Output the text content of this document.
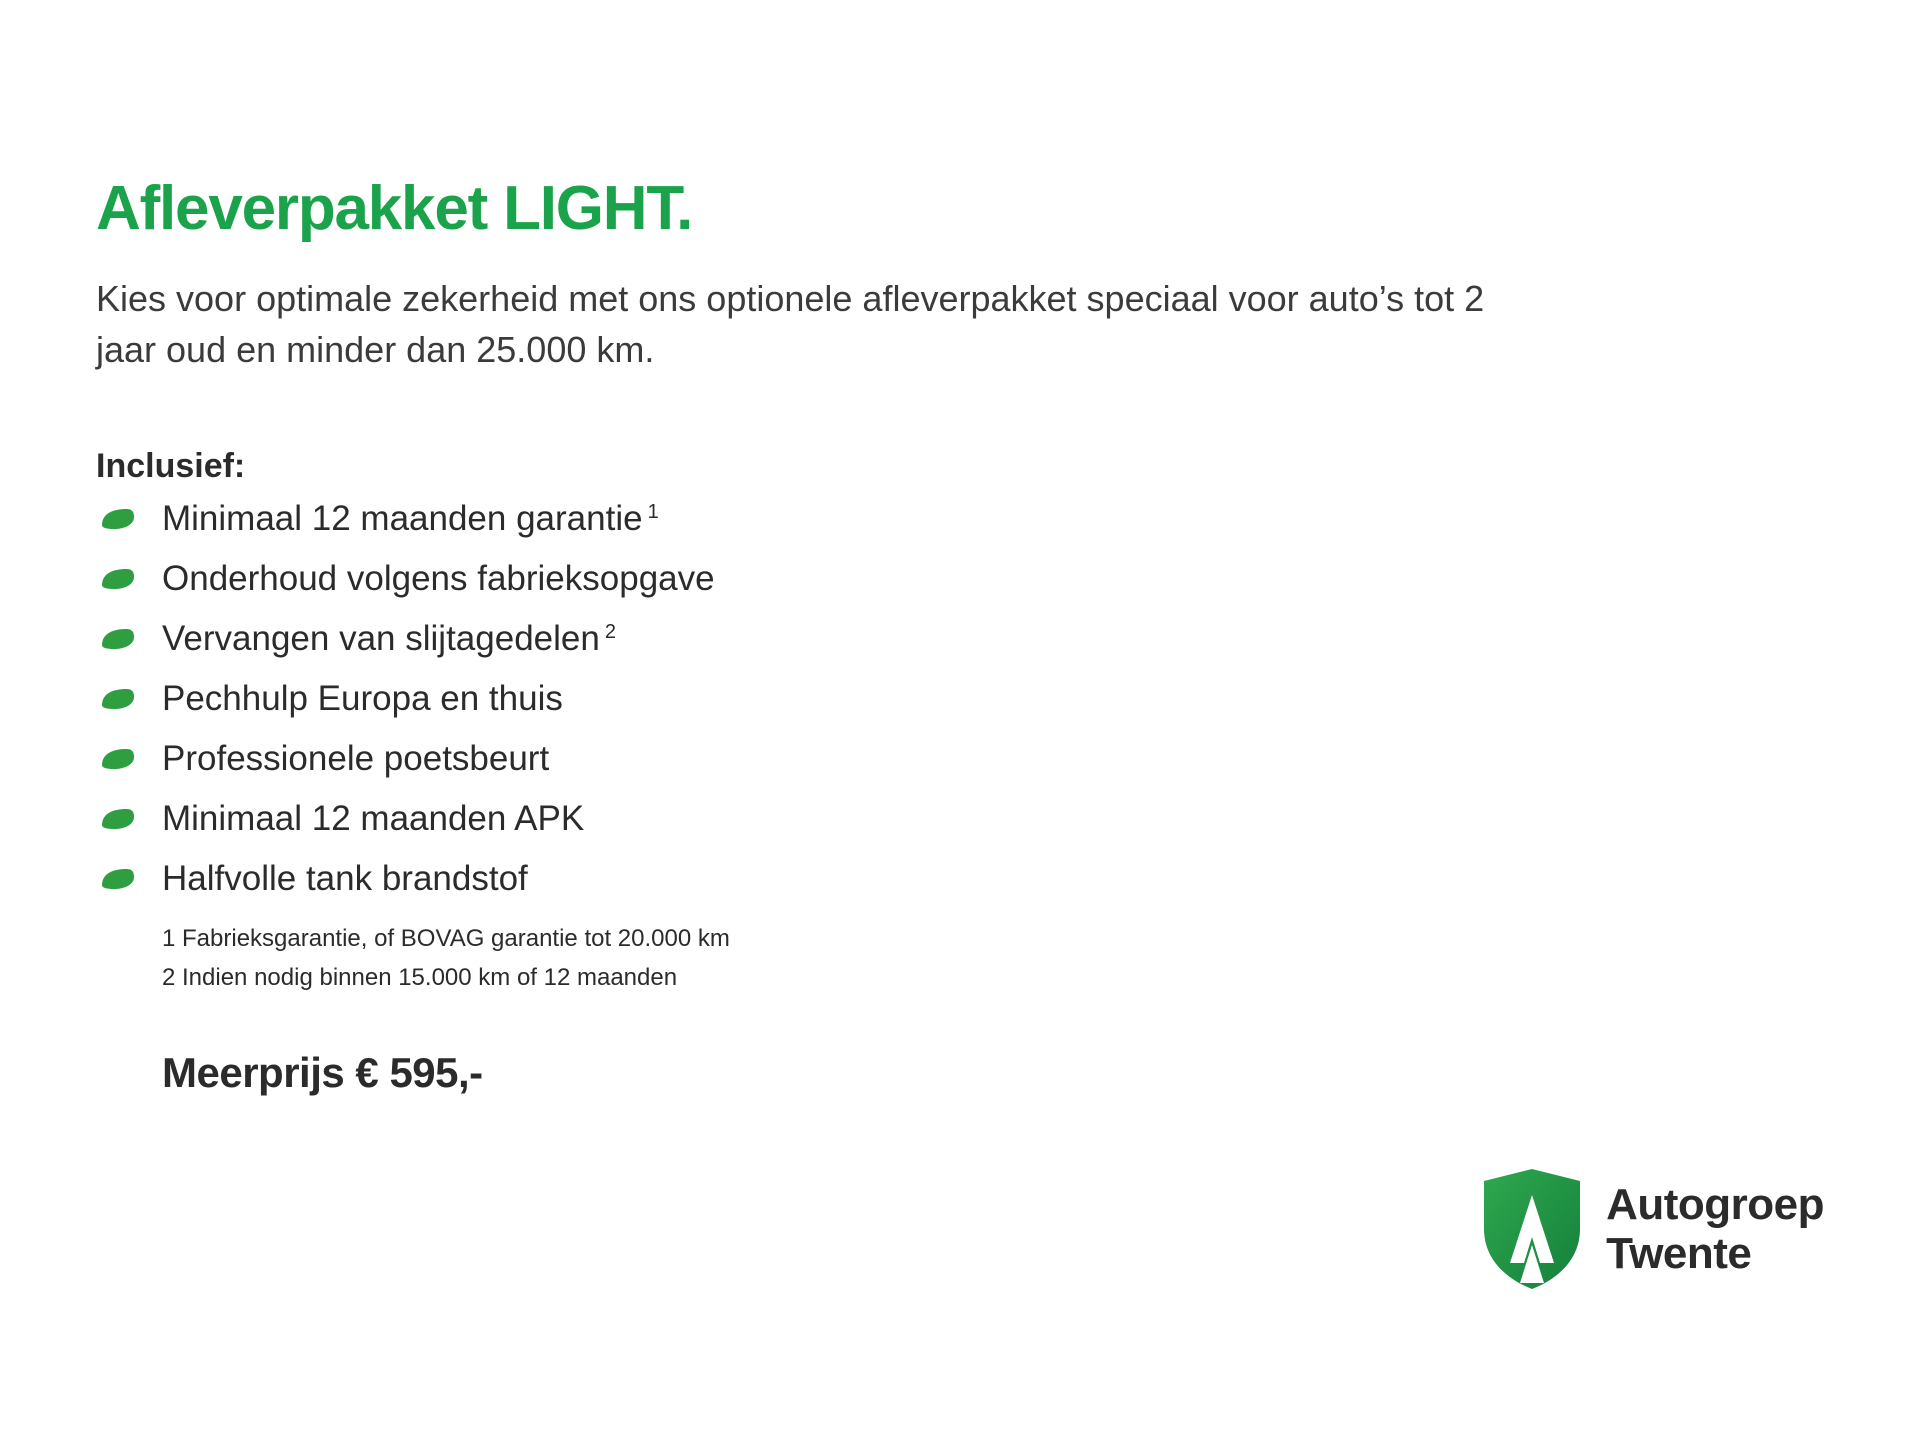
Afleverpakket LIGHT.

Kies voor optimale zekerheid met ons optionele afleverpakket speciaal voor auto’s tot 2 jaar oud en minder dan 25.000 km.

Inclusief:
Minimaal 12 maanden garantie $^1$
Onderhoud volgens fabrieksopgave
Vervangen van slijtagedelen $^2$
Pechhulp Europa en thuis
Professionele poetsbeurt
Minimaal 12 maanden APK
Halfvolle tank brandstof
1 Fabrieksgarantie, of BOVAG garantie tot 20.000 km
2 Indien nodig binnen 15.000 km of 12 maanden
Meerprijs € 595,-
Autogroep
Twente
